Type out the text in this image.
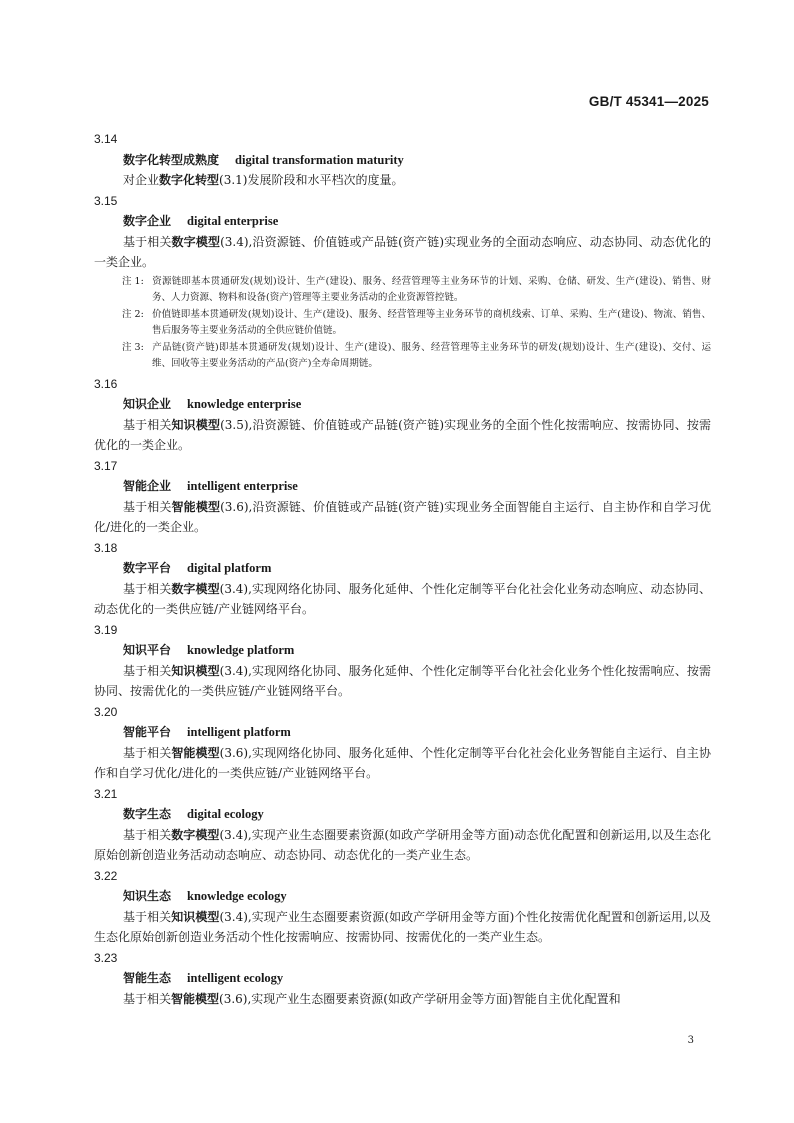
GB/T 45341—2025
3.14
数字化转型成熟度 digital transformation maturity
对企业数字化转型(3.1)发展阶段和水平档次的度量。
3.15
数字企业 digital enterprise
基于相关数字模型(3.4),沿资源链、价值链或产品链(资产链)实现业务的全面动态响应、动态协同、动态优化的一类企业。
注 1: 资源链即基本贯通研发(规划)设计、生产(建设)、服务、经营管理等主业务环节的计划、采购、仓储、研发、生产(建设)、销售、财务、人力资源、物料和设备(资产)管理等主要业务活动的企业资源管控链。
注 2: 价值链即基本贯通研发(规划)设计、生产(建设)、服务、经营管理等主业务环节的商机线索、订单、采购、生产(建设)、物流、销售、售后服务等主要业务活动的全供应链价值链。
注 3: 产品链(资产链)即基本贯通研发(规划)设计、生产(建设)、服务、经营管理等主业务环节的研发(规划)设计、生产(建设)、交付、运维、回收等主要业务活动的产品(资产)全寿命周期链。
3.16
知识企业 knowledge enterprise
基于相关知识模型(3.5),沿资源链、价值链或产品链(资产链)实现业务的全面个性化按需响应、按需协同、按需优化的一类企业。
3.17
智能企业 intelligent enterprise
基于相关智能模型(3.6),沿资源链、价值链或产品链(资产链)实现业务全面智能自主运行、自主协作和自学习优化/进化的一类企业。
3.18
数字平台 digital platform
基于相关数字模型(3.4),实现网络化协同、服务化延伸、个性化定制等平台化社会化业务动态响应、动态协同、动态优化的一类供应链/产业链网络平台。
3.19
知识平台 knowledge platform
基于相关知识模型(3.4),实现网络化协同、服务化延伸、个性化定制等平台化社会化业务个性化按需响应、按需协同、按需优化的一类供应链/产业链网络平台。
3.20
智能平台 intelligent platform
基于相关智能模型(3.6),实现网络化协同、服务化延伸、个性化定制等平台化社会化业务智能自主运行、自主协作和自学习优化/进化的一类供应链/产业链网络平台。
3.21
数字生态 digital ecology
基于相关数字模型(3.4),实现产业生态圈要素资源(如政产学研用金等方面)动态优化配置和创新运用,以及生态化原始创新创造业务活动动态响应、动态协同、动态优化的一类产业生态。
3.22
知识生态 knowledge ecology
基于相关知识模型(3.4),实现产业生态圈要素资源(如政产学研用金等方面)个性化按需优化配置和创新运用,以及生态化原始创新创造业务活动个性化按需响应、按需协同、按需优化的一类产业生态。
3.23
智能生态 intelligent ecology
基于相关智能模型(3.6),实现产业生态圈要素资源(如政产学研用金等方面)智能自主优化配置和
3
